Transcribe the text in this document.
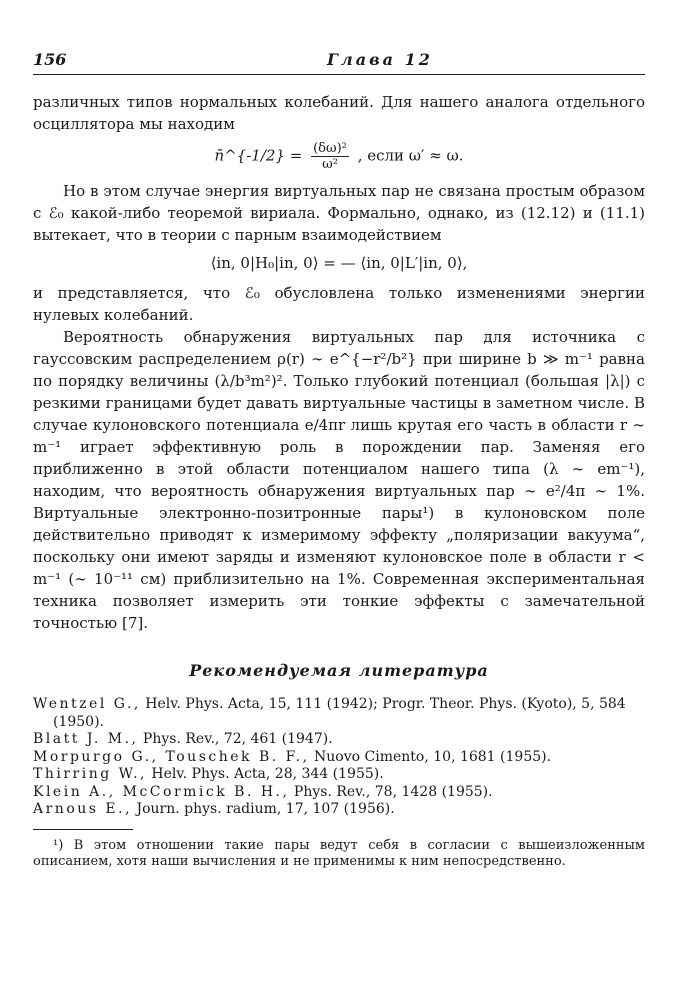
156	Глава 12

различных типов нормальных колебаний. Для нашего аналога отдельного осциллятора мы находим

n̄^{-1/2} = $\frac{\text{(δω)²}}{\text{ω²}}$ , если ω′ ≈ ω.

Но в этом случае энергия виртуальных пар не связана простым образом с ℰ₀ какой-либо теоремой вириала. Формально, однако, из (12.12) и (11.1) вытекает, что в теории с парным взаимодействием

⟨in, 0|H₀|in, 0⟩ = — ⟨in, 0|L′|in, 0⟩,

и представляется, что ℰ₀ обусловлена только изменениями энергии нулевых колебаний.

Вероятность обнаружения виртуальных пар для источника с гауссовским распределением ρ(r) ∼ e^{−r²/b²} при ширине b ≫ m⁻¹ равна по порядку величины (λ/b³m²)². Только глубокий потенциал (большая |λ|) с резкими границами будет давать виртуальные частицы в заметном числе. В случае кулоновского потенциала e/4πr лишь крутая его часть в области r ∼ m⁻¹ играет эффективную роль в порождении пар. Заменяя его приближенно в этой области потенциалом нашего типа (λ ∼ em⁻¹), находим, что вероятность обнаружения виртуальных пар ∼ e²/4π ∼ 1%. Виртуальные электронно-позитронные пары¹) в кулоновском поле действительно приводят к измеримому эффекту „поляризации вакуума“, поскольку они имеют заряды и изменяют кулоновское поле в области r < m⁻¹ (∼ 10⁻¹¹ см) приблизительно на 1%. Современная экспериментальная техника позволяет измерить эти тонкие эффекты с замечательной точностью [7].

Рекомендуемая литература

Wentzel G., Helv. Phys. Acta, 15, 111 (1942); Progr. Theor. Phys. (Kyoto), 5, 584 (1950).

Blatt J. M., Phys. Rev., 72, 461 (1947).

Morpurgo G., Touschek B. F., Nuovo Cimento, 10, 1681 (1955).

Thirring W., Helv. Phys. Acta, 28, 344 (1955).

Klein A., McCormick B. H., Phys. Rev., 78, 1428 (1955).

Arnous E., Journ. phys. radium, 17, 107 (1956).

¹) В этом отношении такие пары ведут себя в согласии с вышеизложенным описанием, хотя наши вычисления и не применимы к ним непосредственно.
